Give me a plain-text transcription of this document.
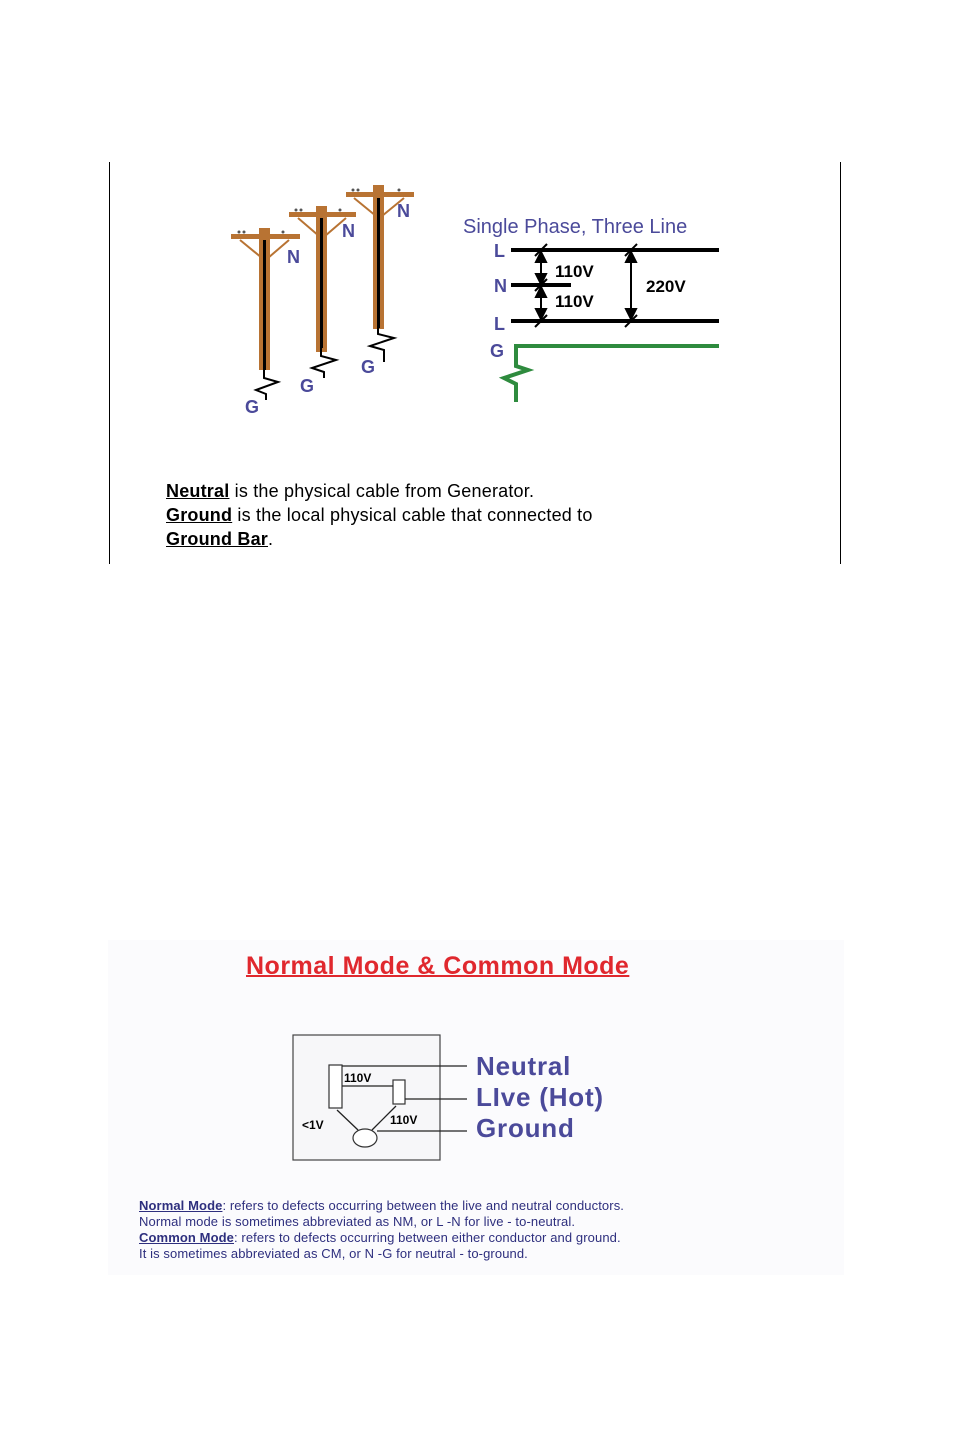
N
N
N
G
G
G
Single Phase, Three Line
L
N
L
G
110V
110V
220V
Neutral is the physical cable from Generator.
Ground is the local physical cable that connected to
Ground Bar.
Normal Mode & Common Mode
110V
110V
<1V
Neutral
LIve (Hot)
Ground
Normal Mode: refers to defects occurring between the live and neutral conductors.
Normal mode is sometimes abbreviated as NM, or L -N for live - to-neutral.
Common Mode: refers to defects occurring between either conductor and ground.
It is sometimes abbreviated as CM, or N -G for neutral - to-ground.
